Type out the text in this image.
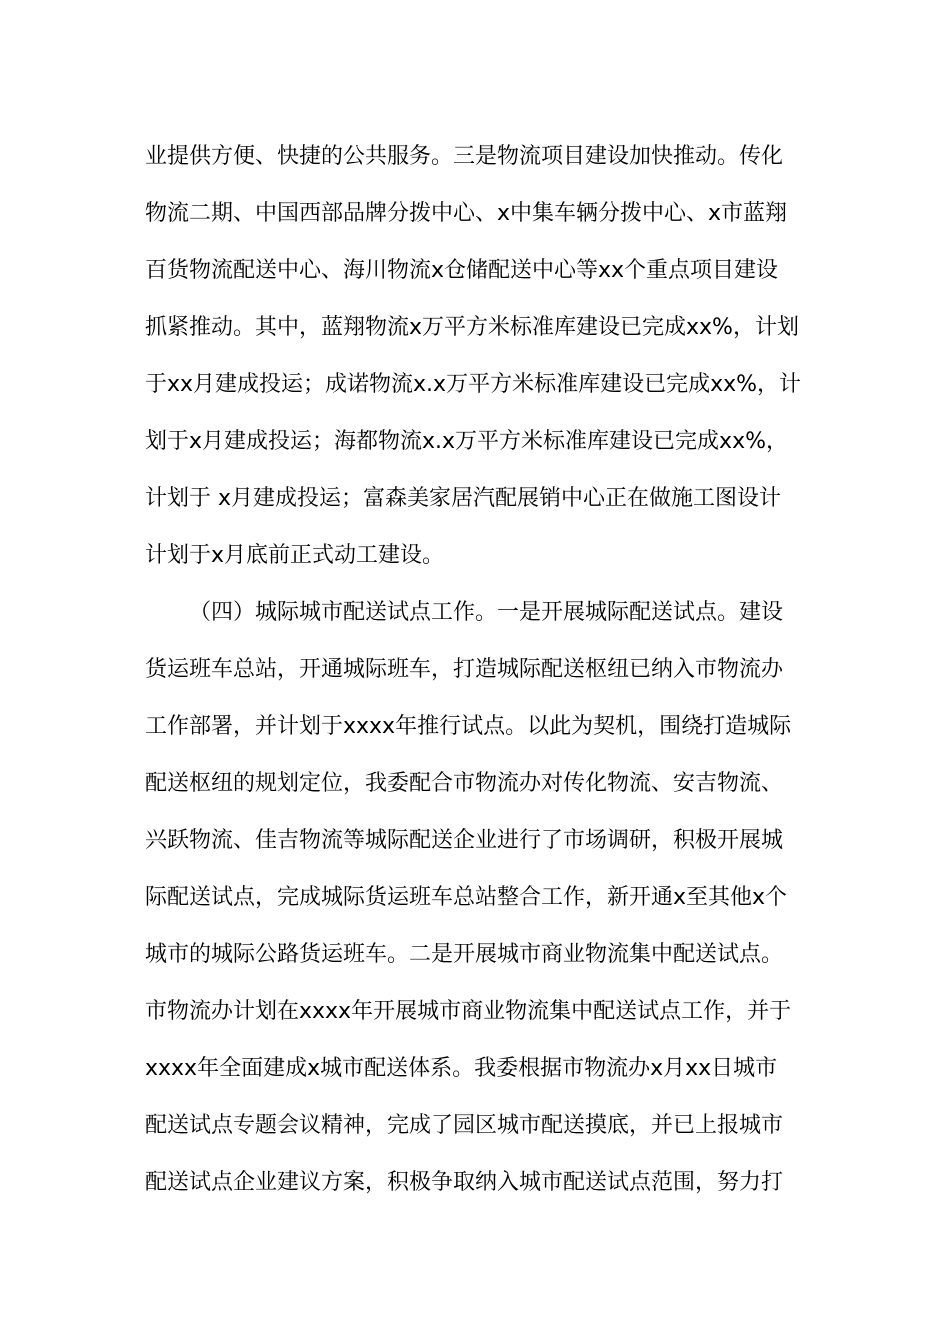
业提供方便、快捷的公共服务。三是物流项目建设加快推动。传化
物流二期、中国西部品牌分拨中心、x中集车辆分拨中心、x市蓝翔
百货物流配送中心、海川物流x仓储配送中心等xx个重点项目建设
抓紧推动。其中，蓝翔物流x万平方米标准库建设已完成xx%，计划
于xx月建成投运；成诺物流x.x万平方米标准库建设已完成xx%，计
划于x月建成投运；海都物流x.x万平方米标准库建设已完成xx%，
计划于 x月建成投运；富森美家居汽配展销中心正在做施工图设计
计划于x月底前正式动工建设。
（四）城际城市配送试点工作。一是开展城际配送试点。建设
货运班车总站，开通城际班车，打造城际配送枢纽已纳入市物流办
工作部署，并计划于xxxx年推行试点。以此为契机，围绕打造城际
配送枢纽的规划定位，我委配合市物流办对传化物流、安吉物流、
兴跃物流、佳吉物流等城际配送企业进行了市场调研，积极开展城
际配送试点，完成城际货运班车总站整合工作，新开通x至其他x个
城市的城际公路货运班车。二是开展城市商业物流集中配送试点。
市物流办计划在xxxx年开展城市商业物流集中配送试点工作，并于
xxxx年全面建成x城市配送体系。我委根据市物流办x月xx日城市
配送试点专题会议精神，完成了园区城市配送摸底，并已上报城市
配送试点企业建议方案，积极争取纳入城市配送试点范围，努力打
